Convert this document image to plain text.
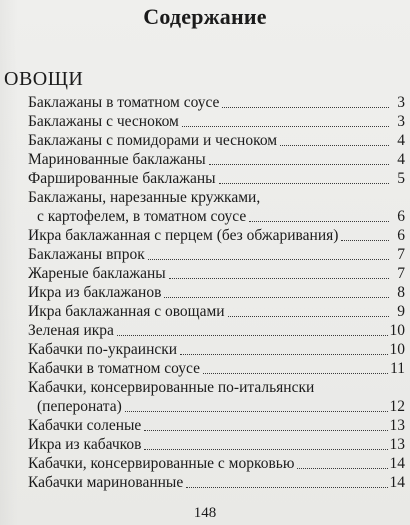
Содержание
ОВОЩИ
Баклажаны в томатном соусе	3
Баклажаны с чесноком	3
Баклажаны с помидорами и чесноком	4
Маринованные баклажаны	4
Фаршированные баклажаны	5
Баклажаны, нарезанные кружками,
с картофелем, в томатном соусе	6
Икра баклажанная с перцем (без обжаривания)	6
Баклажаны впрок	7
Жареные баклажаны	7
Икра из баклажанов	8
Икра баклажанная с овощами	9
Зеленая икра	10
Кабачки по-украински	10
Кабачки в томатном соусе	11
Кабачки, консервированные по-итальянски
(пепероната)	12
Кабачки соленые	13
Икра из кабачков	13
Кабачки, консервированные с морковью	14
Кабачки маринованные	14
148
